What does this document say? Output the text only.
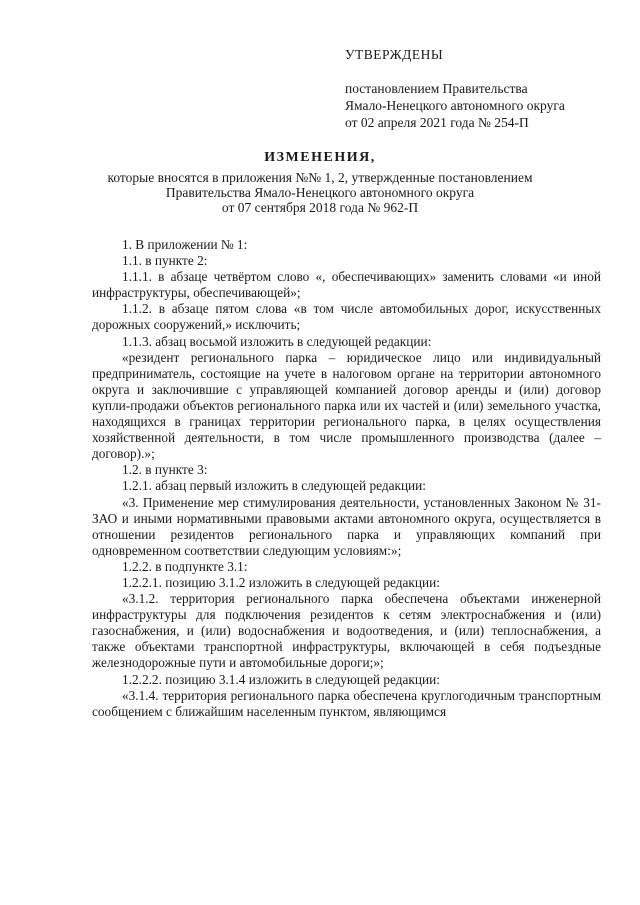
УТВЕРЖДЕНЫ
постановлением Правительства
Ямало-Ненецкого автономного округа
от 02 апреля 2021 года № 254-П
ИЗМЕНЕНИЯ,
которые вносятся в приложения №№ 1, 2, утвержденные постановлением
Правительства Ямало-Ненецкого автономного округа
от 07 сентября 2018 года № 962-П

1. В приложении № 1:

1.1. в пункте 2:

1.1.1. в абзаце четвёртом слово «, обеспечивающих» заменить словами «и иной инфраструктуры, обеспечивающей»;

1.1.2. в абзаце пятом слова «в том числе автомобильных дорог, искусственных дорожных сооружений,» исключить;

1.1.3. абзац восьмой изложить в следующей редакции:

«резидент регионального парка – юридическое лицо или индивидуальный предприниматель, состоящие на учете в налоговом органе на территории автономного округа и заключившие с управляющей компанией договор аренды и (или) договор купли-продажи объектов регионального парка или их частей и (или) земельного участка, находящихся в границах территории регионального парка, в целях осуществления хозяйственной деятельности, в том числе промышленного производства (далее – договор).»;

1.2. в пункте 3:

1.2.1. абзац первый изложить в следующей редакции:

«3. Применение мер стимулирования деятельности, установленных Законом № 31-ЗАО и иными нормативными правовыми актами автономного округа, осуществляется в отношении резидентов регионального парка и управляющих компаний при одновременном соответствии следующим условиям:»;

1.2.2. в подпункте 3.1:

1.2.2.1. позицию 3.1.2 изложить в следующей редакции:

«3.1.2. территория регионального парка обеспечена объектами инженерной инфраструктуры для подключения резидентов к сетям электроснабжения и (или) газоснабжения, и (или) водоснабжения и водоотведения, и (или) теплоснабжения, а также объектами транспортной инфраструктуры, включающей в себя подъездные железнодорожные пути и автомобильные дороги;»;

1.2.2.2. позицию 3.1.4 изложить в следующей редакции:

«3.1.4. территория регионального парка обеспечена круглогодичным транспортным сообщением с ближайшим населенным пунктом, являющимся
